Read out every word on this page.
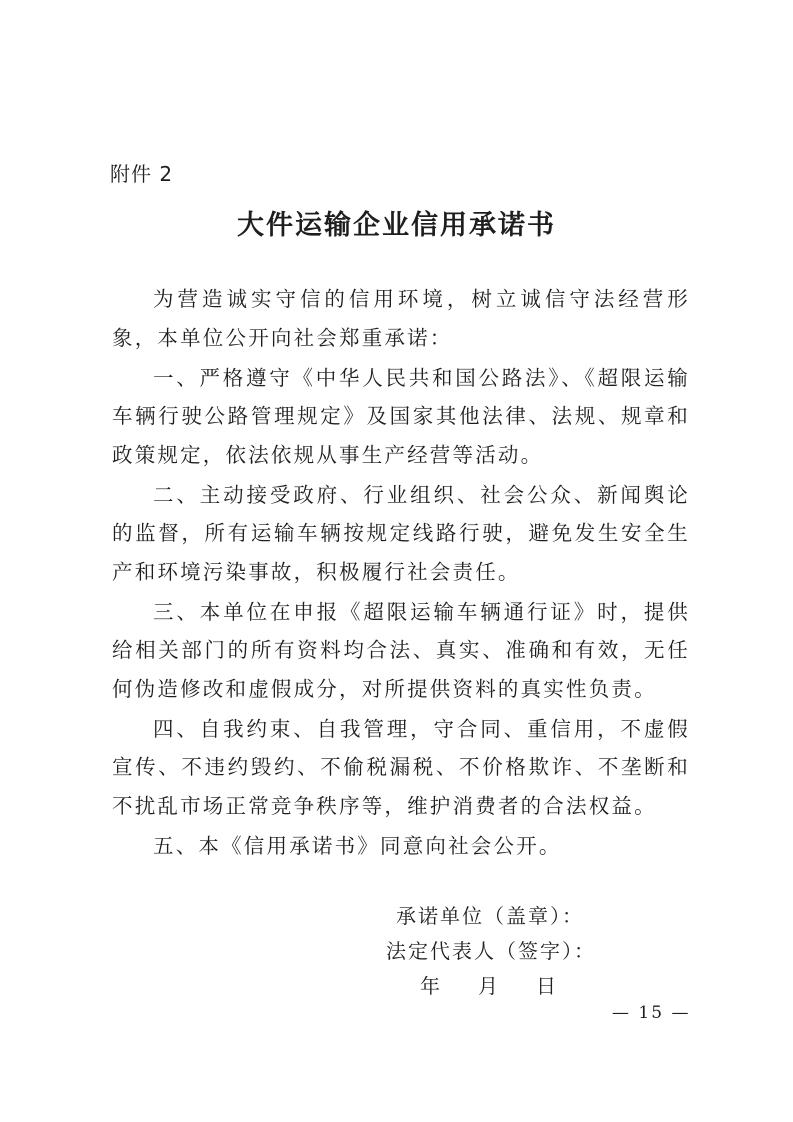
附件 2
大件运输企业信用承诺书

为营造诚实守信的信用环境，树立诚信守法经营形象，本单位公开向社会郑重承诺：

一、严格遵守《中华人民共和国公路法》、《超限运输车辆行驶公路管理规定》及国家其他法律、法规、规章和政策规定，依法依规从事生产经营等活动。

二、主动接受政府、行业组织、社会公众、新闻舆论的监督，所有运输车辆按规定线路行驶，避免发生安全生产和环境污染事故，积极履行社会责任。

三、本单位在申报《超限运输车辆通行证》时，提供给相关部门的所有资料均合法、真实、准确和有效，无任何伪造修改和虚假成分，对所提供资料的真实性负责。

四、自我约束、自我管理，守合同、重信用，不虚假宣传、不违约毁约、不偷税漏税、不价格欺诈、不垄断和不扰乱市场正常竞争秩序等，维护消费者的合法权益。

五、本《信用承诺书》同意向社会公开。

承诺单位（盖章）：
法定代表人（签字）：
年 月 日
— 15 —
